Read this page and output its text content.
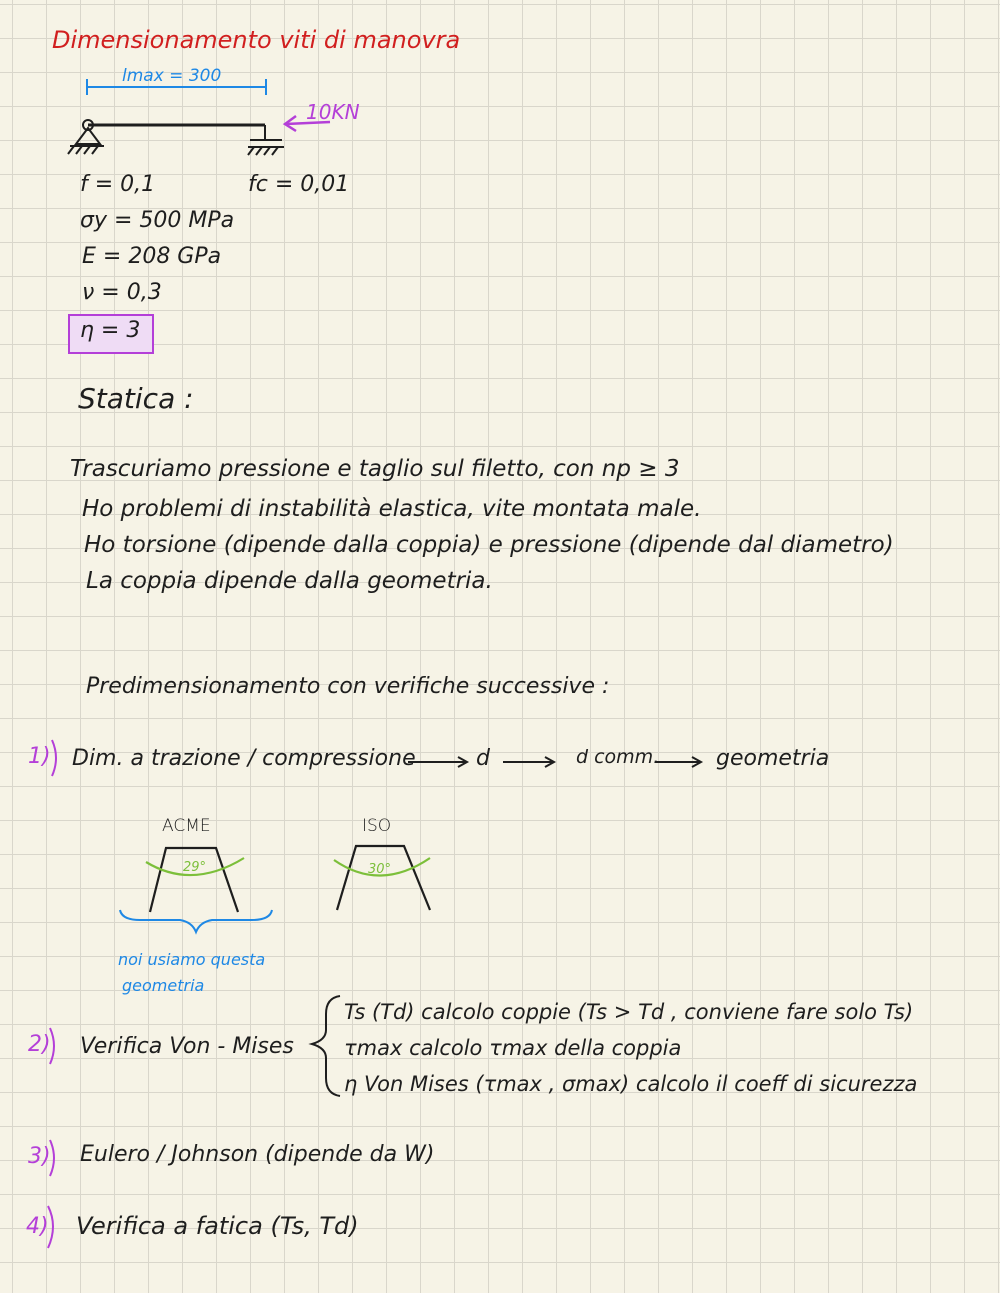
Dimensionamento viti di manovra
lmax = 300
10KN
f = 0,1	fc = 0,01
σy = 500 MPa
E = 208 GPa
ν = 0,3
η = 3
Statica :
Trascuriamo pressione e taglio sul filetto, con np ≥ 3
Ho problemi di instabilità elastica, vite montata male.
Ho torsione (dipende dalla coppia) e pressione (dipende dal diametro)
La coppia dipende dalla geometria.
Predimensionamento con verifiche successive :
1) Dim. a trazione / compressione	d	d comm.	geometria
ACME
29°
ISO
30°
noi usiamo questa
geometria
2) Verifica Von - Mises
Ts (Td) calcolo coppie (Ts > Td , conviene fare solo Ts)
τmax calcolo τmax della coppia
η Von Mises (τmax , σmax) calcolo il coeff di sicurezza
3) Eulero / Johnson (dipende da W)
4) Verifica a fatica (Ts, Td)
